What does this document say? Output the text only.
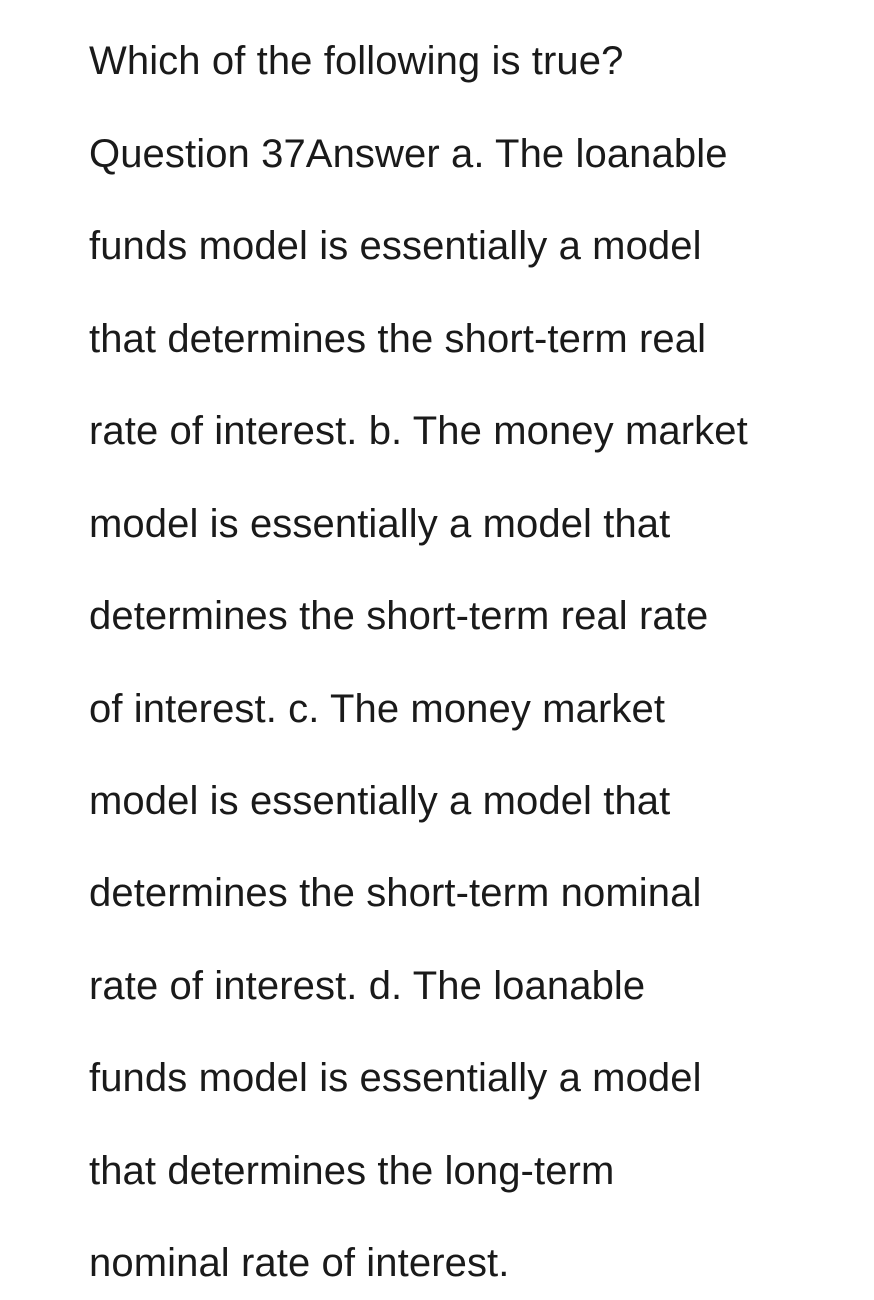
Which of the following is true?

Question 37Answer a. The loanable

funds model is essentially a model

that determines the short-term real

rate of interest. b. The money market

model is essentially a model that

determines the short-term real rate

of interest. c. The money market

model is essentially a model that

determines the short-term nominal

rate of interest. d. The loanable

funds model is essentially a model

that determines the long-term

nominal rate of interest.
